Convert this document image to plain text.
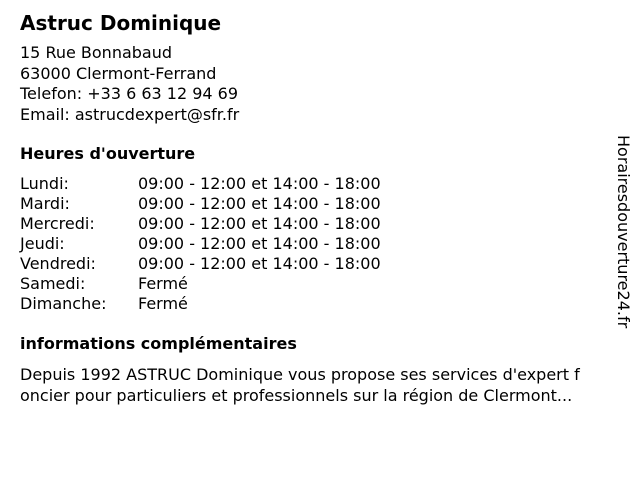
Astruc Dominique
15 Rue Bonnabaud
63000 Clermont-Ferrand
Telefon: +33 6 63 12 94 69
Email: astrucdexpert@sfr.fr
Heures d'ouverture
Lundi:	09:00 - 12:00 et 14:00 - 18:00
Mardi:	09:00 - 12:00 et 14:00 - 18:00
Mercredi:	09:00 - 12:00 et 14:00 - 18:00
Jeudi:	09:00 - 12:00 et 14:00 - 18:00
Vendredi:	09:00 - 12:00 et 14:00 - 18:00
Samedi:	Fermé
Dimanche:	Fermé
informations complémentaires
Depuis 1992 ASTRUC Dominique vous propose ses services d'expert f
oncier pour particuliers et professionnels sur la région de Clermont...
Horairesdouverture24.fr
